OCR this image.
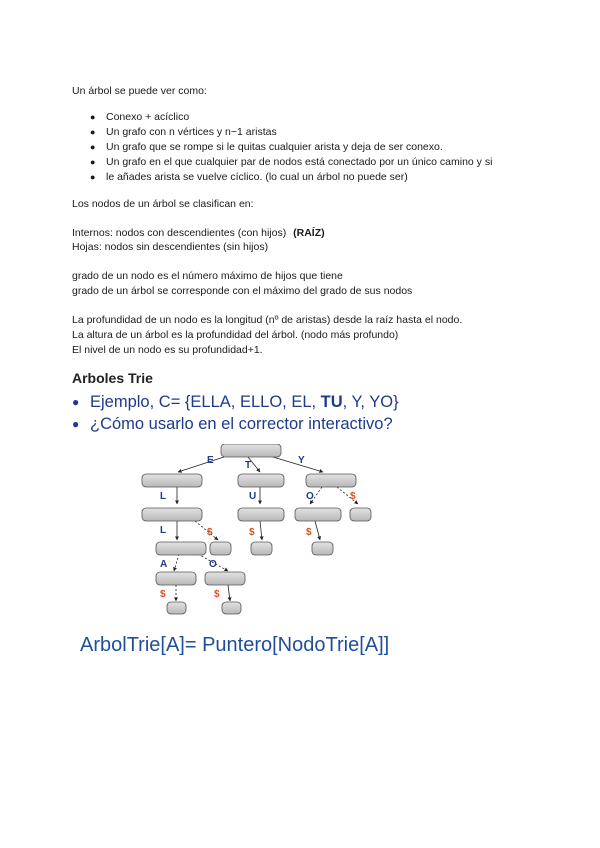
Un árbol se puede ver como:
● Conexo + acíclico
● Un grafo con n vértices y n−1 aristas
● Un grafo que se rompe si le quitas cualquier arista y deja de ser conexo.
● Un grafo en el que cualquier par de nodos está conectado por un único camino y si
● le añades arista se vuelve cíclico. (lo cual un árbol no puede ser)
Los nodos de un árbol se clasifican en:
Internos: nodos con descendientes (con hijos) (RAÍZ)
Hojas: nodos sin descendientes (sin hijos)
grado de un nodo es el número máximo de hijos que tiene
grado de un árbol se corresponde con el máximo del grado de sus nodos
La profundidad de un nodo es la longitud (nº de aristas) desde la raíz hasta el nodo.
La altura de un árbol es la profundidad del árbol. (nodo más profundo)
El nivel de un nodo es su profundidad+1.
Arboles Trie
● Ejemplo, C= {ELLA, ELLO, EL, TU, Y, YO}
● ¿Cómo usarlo en el corrector interactivo?
E	T	Y
L	U	O
L
A	O
$
$	$	$
$	$
ArbolTrie[A]= Puntero[NodoTrie[A]]
